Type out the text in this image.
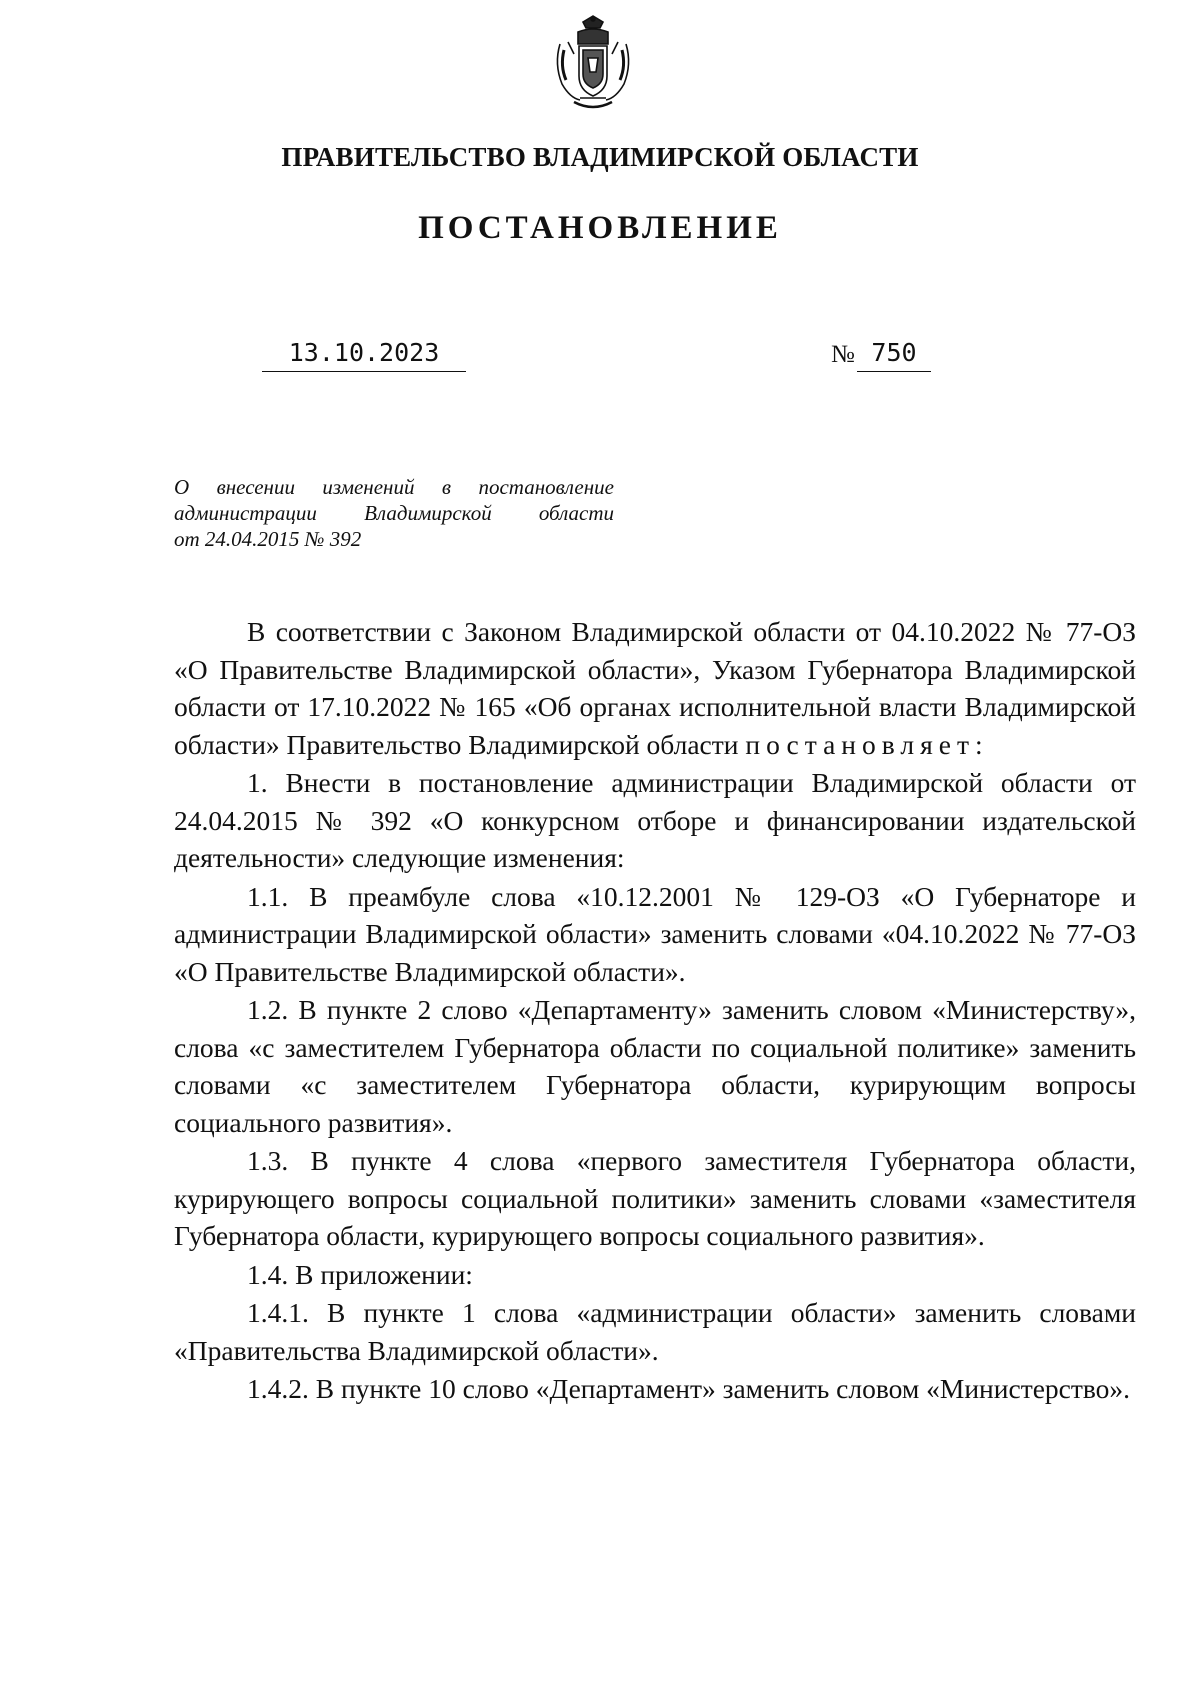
ПРАВИТЕЛЬСТВО ВЛАДИМИРСКОЙ ОБЛАСТИ
ПОСТАНОВЛЕНИЕ
13.10.2023	№ 750
О внесении изменений в постановление
администрации Владимирской области
от 24.04.2015 № 392

В соответствии с Законом Владимирской области от 04.10.2022 № 77-ОЗ «О Правительстве Владимирской области», Указом Губернатора Владимирской области от 17.10.2022 № 165 «Об органах исполнительной власти Владимирской области» Правительство Владимирской области постановляет:

1. Внести в постановление администрации Владимирской области от 24.04.2015 № 392 «О конкурсном отборе и финансировании издательской деятельности» следующие изменения:

1.1. В преамбуле слова «10.12.2001 № 129-ОЗ «О Губернаторе и администрации Владимирской области» заменить словами «04.10.2022 № 77-ОЗ «О Правительстве Владимирской области».

1.2. В пункте 2 слово «Департаменту» заменить словом «Министерству», слова «с заместителем Губернатора области по социальной политике» заменить словами «с заместителем Губернатора области, курирующим вопросы социального развития».

1.3. В пункте 4 слова «первого заместителя Губернатора области, курирующего вопросы социальной политики» заменить словами «заместителя Губернатора области, курирующего вопросы социального развития».

1.4. В приложении:

1.4.1. В пункте 1 слова «администрации области» заменить словами «Правительства Владимирской области».

1.4.2. В пункте 10 слово «Департамент» заменить словом «Министерство».
